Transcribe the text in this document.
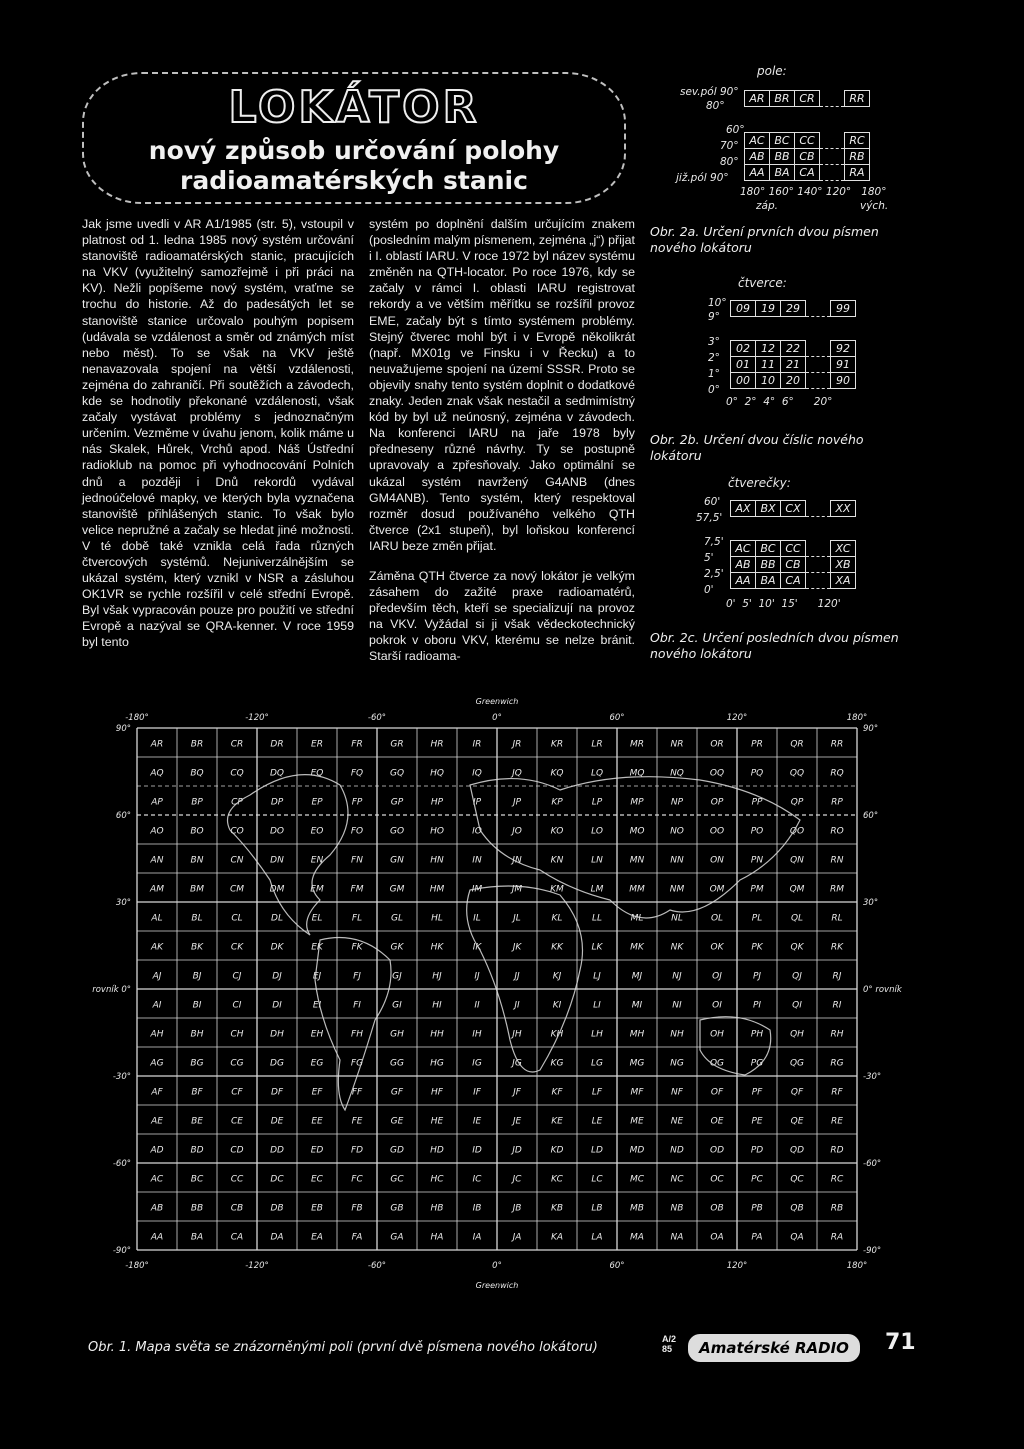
LOKÁTOR
nový způsob určování polohy
radioamatérských stanic

Jak jsme uvedli v AR A1/1985 (str. 5), vstoupil v platnost od 1. ledna 1985 nový systém určování stanoviště radioamatérských stanic, pracujících na VKV (využitelný samozřejmě i při práci na KV). Nežli popíšeme nový systém, vraťme se trochu do historie. Až do padesátých let se stanoviště stanice určovalo pouhým popisem (udávala se vzdálenost a směr od známých míst nebo měst). To se však na VKV ještě nenavazovala spojení na větší vzdálenosti, zejména do zahraničí. Při soutěžích a závodech, kde se hodnotily překonané vzdálenosti, však začaly vystávat problémy s jednoznačným určením. Vezměme v úvahu jenom, kolik máme u nás Skalek, Hůrek, Vrchů apod. Náš Ústřední radioklub na pomoc při vyhodnocování Polních dnů a později i Dnů rekordů vydával jednoúčelové mapky, ve kterých byla vyznačena stanoviště přihlášených stanic. To však bylo velice nepružné a začaly se hledat jiné možnosti. V té době také vznikla celá řada různých čtvercových systémů. Nejuniverzálnějším se ukázal systém, který vznikl v NSR a zásluhou OK1VR se rychle rozšířil v celé střední Evropě. Byl však vypracován pouze pro použití ve střední Evropě a nazýval se QRA-kenner. V roce 1959 byl tento

systém po doplnění dalším určujícím znakem (posledním malým písmenem, zejména „j“) přijat i I. oblastí IARU. V roce 1972 byl název systému změněn na QTH-locator. Po roce 1976, kdy se začaly v rámci I. oblasti IARU registrovat rekordy a ve větším měřítku se rozšířil provoz EME, začaly být s tímto systémem problémy. Stejný čtverec mohl být i v Evropě několikrát (např. MX01g ve Finsku i v Řecku) a to neuvažujeme spojení na území SSSR. Proto se objevily snahy tento systém doplnit o dodatkové znaky. Jeden znak však nestačil a sedmimístný kód by byl už neúnosný, zejména v závodech. Na konferenci IARU na jaře 1978 byly předneseny různé návrhy. Ty se postupně upravovaly a zpřesňovaly. Jako optimální se ukázal systém navržený G4ANB (dnes GM4ANB). Tento systém, který respektoval rozměr dosud používaného velkého QTH čtverce (2x1 stupeň), byl loňskou konferencí IARU beze změn přijat.

Záměna QTH čtverce za nový lokátor je velkým zásahem do zažité praxe radioamatérů, především těch, kteří se specializují na provoz na VKV. Vyžádal si ji však vědeckotechnický pokrok v oboru VKV, kterému se nelze bránit. Starší radioama-

pole:
sev.pól 90°
80°
60°
70°
80°
již.pól 90°
AR	BR	CR		RR
AC	BC	CC		RC
AB	BB	CB		RB
AA	BA	CA		RA
180° 160° 140° 120°   180°
záp.	vých.
Obr. 2a. Určení prvních dvou písmen nového lokátoru
čtverce:
10°
9°
3°
2°
1°
0°
09	19	29		99
02	12	22		92
01	11	21		91
00	10	20		90
0°  2°  4°  6°      20°
Obr. 2b. Určení dvou číslic nového lokátoru
čtverečky:
60'
57,5'
7,5'
5'
2,5'
0'
AX	BX	CX		XX
AC	BC	CC		XC
AB	BB	CB		XB
AA	BA	CA		XA
0'  5'  10'  15'      120'
Obr. 2c. Určení posledních dvou písmen nového lokátoru
AR	BR	CR	DR	ER	FR	GR	HR	IR	JR	KR	LR	MR	NR	OR	PR	QR	RR
AQ	BQ	CQ	DQ	EQ	FQ	GQ	HQ	IQ	JQ	KQ	LQ	MQ	NQ	OQ	PQ	QQ	RQ
AP	BP	CP	DP	EP	FP	GP	HP	IP	JP	KP	LP	MP	NP	OP	PP	QP	RP
AO	BO	CO	DO	EO	FO	GO	HO	IO	JO	KO	LO	MO	NO	OO	PO	QO	RO
AN	BN	CN	DN	EN	FN	GN	HN	IN	JN	KN	LN	MN	NN	ON	PN	QN	RN
AM	BM	CM	DM	EM	FM	GM	HM	IM	JM	KM	LM	MM	NM	OM	PM	QM	RM
AL	BL	CL	DL	EL	FL	GL	HL	IL	JL	KL	LL	ML	NL	OL	PL	QL	RL
AK	BK	CK	DK	EK	FK	GK	HK	IK	JK	KK	LK	MK	NK	OK	PK	QK	RK
AJ	BJ	CJ	DJ	EJ	FJ	GJ	HJ	IJ	JJ	KJ	LJ	MJ	NJ	OJ	PJ	QJ	RJ
AI	BI	CI	DI	EI	FI	GI	HI	II	JI	KI	LI	MI	NI	OI	PI	QI	RI
AH	BH	CH	DH	EH	FH	GH	HH	IH	JH	KH	LH	MH	NH	OH	PH	QH	RH
AG	BG	CG	DG	EG	FG	GG	HG	IG	JG	KG	LG	MG	NG	OG	PG	QG	RG
AF	BF	CF	DF	EF	FF	GF	HF	IF	JF	KF	LF	MF	NF	OF	PF	QF	RF
AE	BE	CE	DE	EE	FE	GE	HE	IE	JE	KE	LE	ME	NE	OE	PE	QE	RE
AD	BD	CD	DD	ED	FD	GD	HD	ID	JD	KD	LD	MD	ND	OD	PD	QD	RD
AC	BC	CC	DC	EC	FC	GC	HC	IC	JC	KC	LC	MC	NC	OC	PC	QC	RC
AB	BB	CB	DB	EB	FB	GB	HB	IB	JB	KB	LB	MB	NB	OB	PB	QB	RB
AA	BA	CA	DA	EA	FA	GA	HA	IA	JA	KA	LA	MA	NA	OA	PA	QA	RA
Greenwich
Greenwich
-180°	-120°	-60°	0°	60°	120°	180°
-180°	-120°	-60°	0°	60°	120°	180°
90°
60°
30°
rovník 0°
-30°
-60°
-90°
90°
60°
30°
0° rovník
-30°
-60°
-90°
Obr. 1. Mapa světa se znázorněnými poli (první dvě písmena nového lokátoru)
A/2 85	Amatérské RADIO	71
